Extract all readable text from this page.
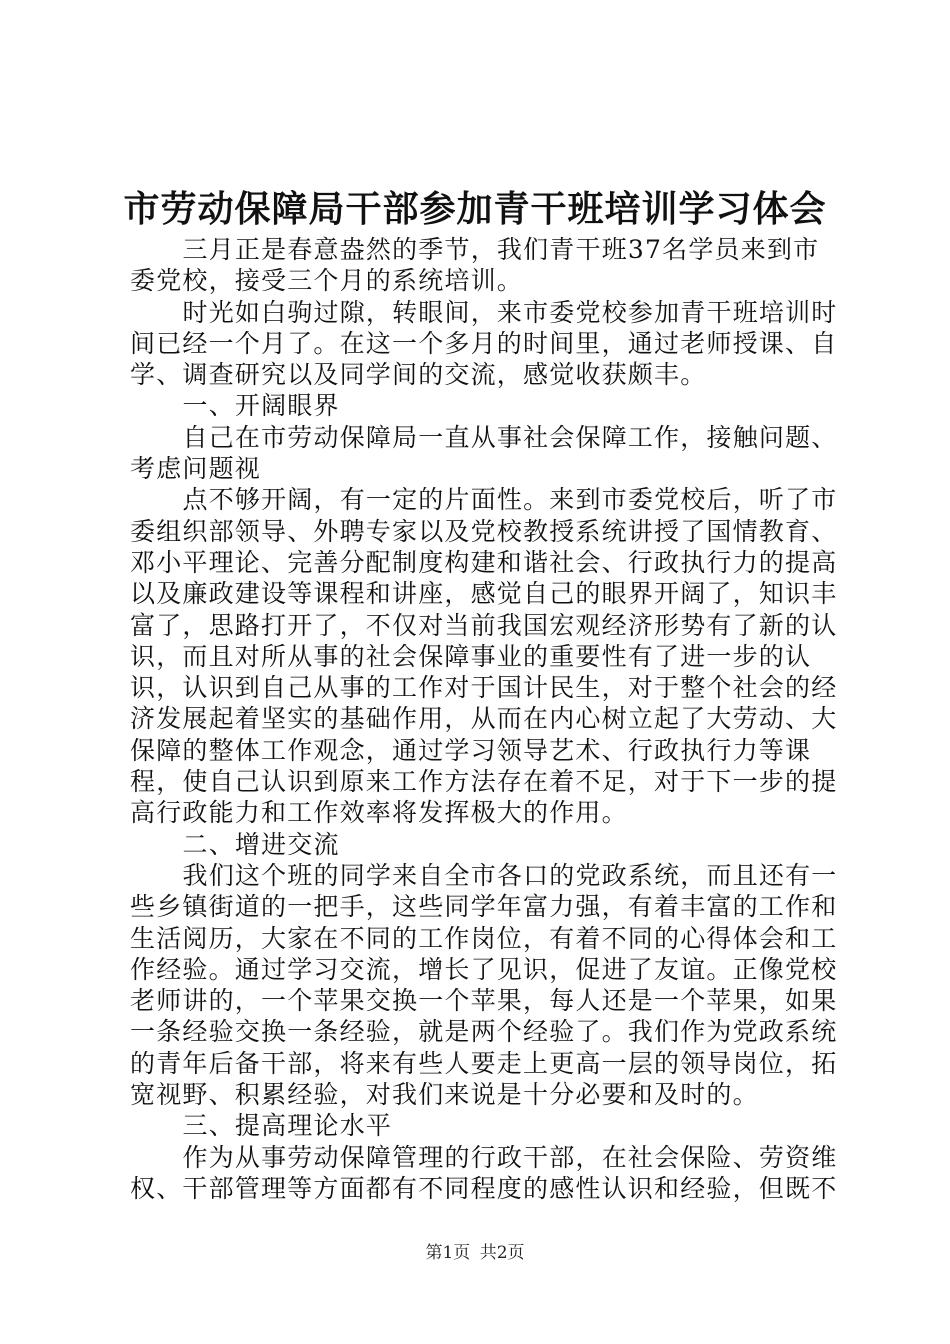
市劳动保障局干部参加青干班培训学习体会

三月正是春意盎然的季节，我们青干班37名学员来到市委党校，接受三个月的系统培训。

时光如白驹过隙，转眼间，来市委党校参加青干班培训时间已经一个月了。在这一个多月的时间里，通过老师授课、自学、调查研究以及同学间的交流，感觉收获颇丰。

一、开阔眼界

自己在市劳动保障局一直从事社会保障工作，接触问题、考虑问题视

点不够开阔，有一定的片面性。来到市委党校后，听了市委组织部领导、外聘专家以及党校教授系统讲授了国情教育、邓小平理论、完善分配制度构建和谐社会、行政执行力的提高以及廉政建设等课程和讲座，感觉自己的眼界开阔了，知识丰富了，思路打开了，不仅对当前我国宏观经济形势有了新的认识，而且对所从事的社会保障事业的重要性有了进一步的认识，认识到自己从事的工作对于国计民生，对于整个社会的经济发展起着坚实的基础作用，从而在内心树立起了大劳动、大保障的整体工作观念，通过学习领导艺术、行政执行力等课程，使自己认识到原来工作方法存在着不足，对于下一步的提高行政能力和工作效率将发挥极大的作用。

二、增进交流

我们这个班的同学来自全市各口的党政系统，而且还有一些乡镇街道的一把手，这些同学年富力强，有着丰富的工作和生活阅历，大家在不同的工作岗位，有着不同的心得体会和工作经验。通过学习交流，增长了见识，促进了友谊。正像党校老师讲的，一个苹果交换一个苹果，每人还是一个苹果，如果一条经验交换一条经验，就是两个经验了。我们作为党政系统的青年后备干部，将来有些人要走上更高一层的领导岗位，拓宽视野、积累经验，对我们来说是十分必要和及时的。

三、提高理论水平

作为从事劳动保障管理的行政干部，在社会保险、劳资维权、干部管理等方面都有不同程度的感性认识和经验，但既不

第1页 共2页
